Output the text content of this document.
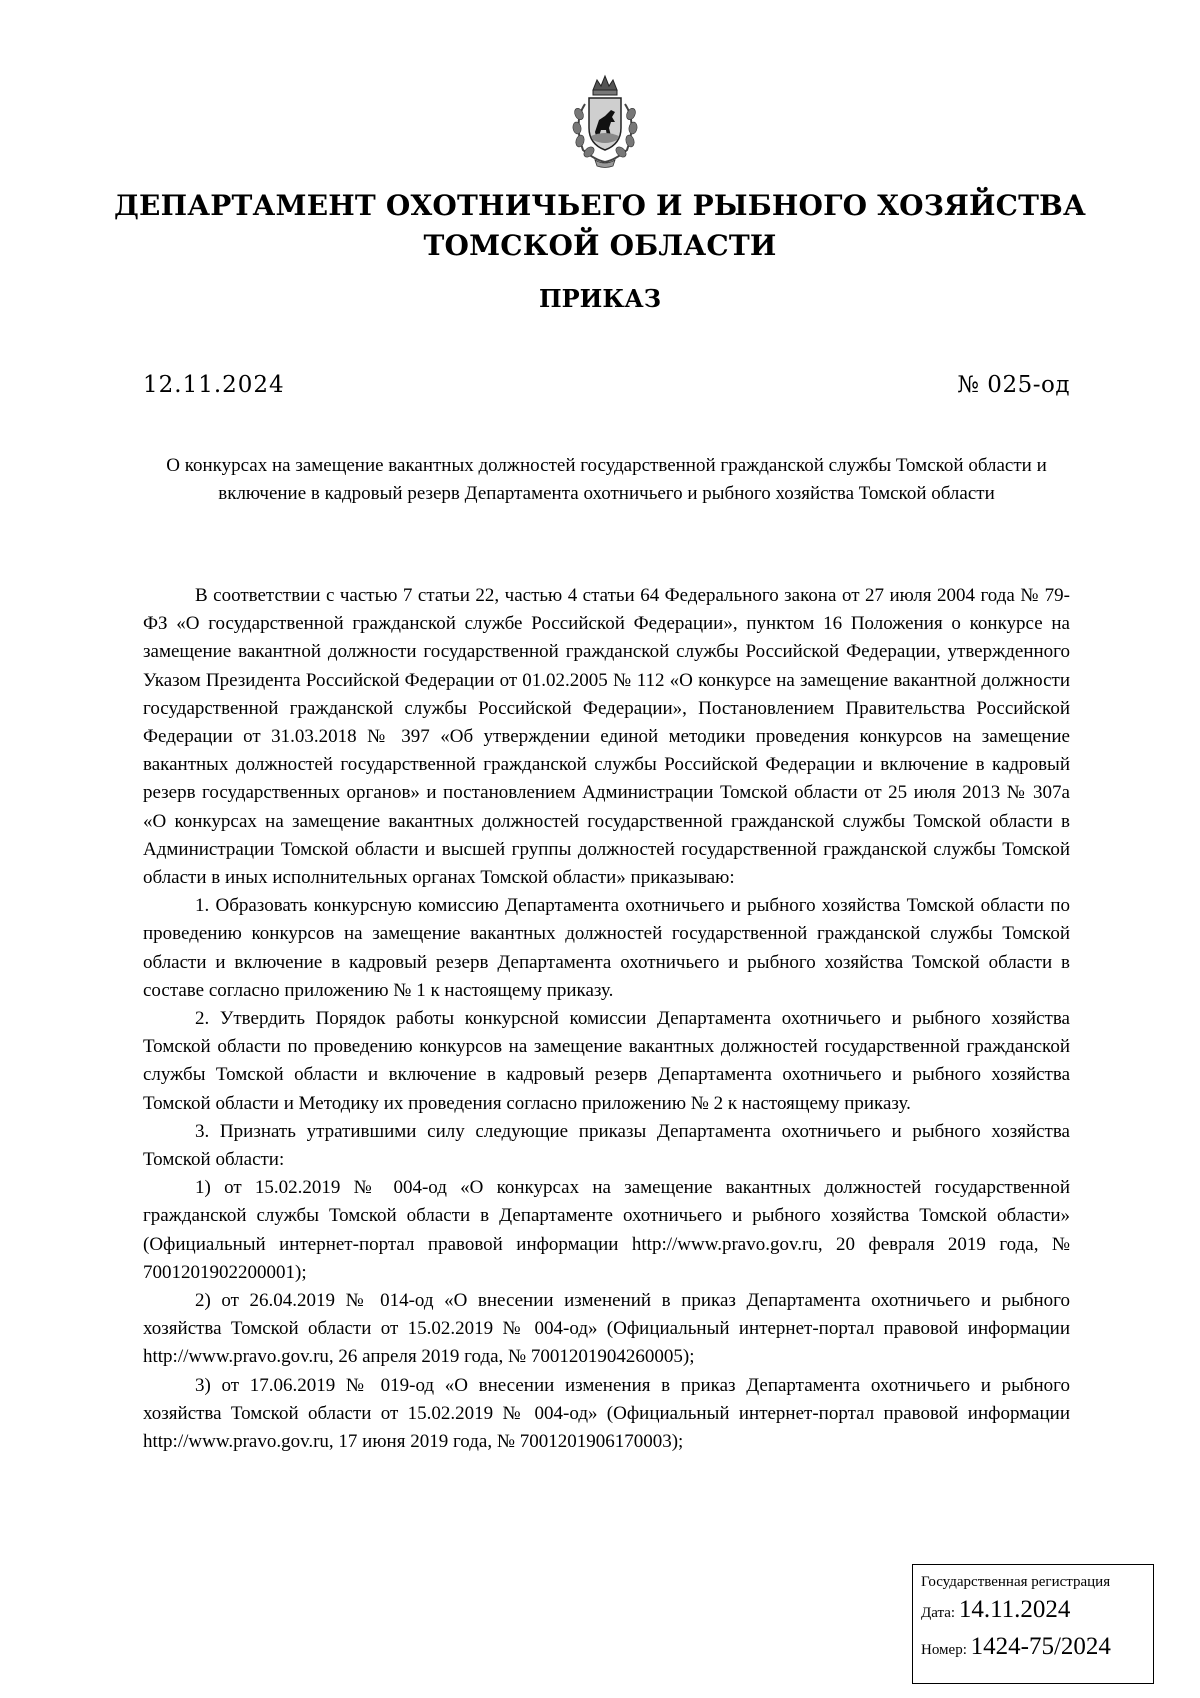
ДЕПАРТАМЕНТ ОХОТНИЧЬЕГО И РЫБНОГО ХОЗЯЙСТВА
ТОМСКОЙ ОБЛАСТИ
ПРИКАЗ
12.11.2024	№ 025-од
О конкурсах на замещение вакантных должностей государственной гражданской службы Томской области и включение в кадровый резерв Департамента охотничьего и рыбного хозяйства Томской области

В соответствии с частью 7 статьи 22, частью 4 статьи 64 Федерального закона от 27 июля 2004 года № 79-ФЗ «О государственной гражданской службе Российской Федерации», пунктом 16 Положения о конкурсе на замещение вакантной должности государственной гражданской службы Российской Федерации, утвержденного Указом Президента Российской Федерации от 01.02.2005 № 112 «О конкурсе на замещение вакантной должности государственной гражданской службы Российской Федерации», Постановлением Правительства Российской Федерации от 31.03.2018 № 397 «Об утверждении единой методики проведения конкурсов на замещение вакантных должностей государственной гражданской службы Российской Федерации и включение в кадровый резерв государственных органов» и постановлением Администрации Томской области от 25 июля 2013 № 307а «О конкурсах на замещение вакантных должностей государственной гражданской службы Томской области в Администрации Томской области и высшей группы должностей государственной гражданской службы Томской области в иных исполнительных органах Томской области» приказываю:

1. Образовать конкурсную комиссию Департамента охотничьего и рыбного хозяйства Томской области по проведению конкурсов на замещение вакантных должностей государственной гражданской службы Томской области и включение в кадровый резерв Департамента охотничьего и рыбного хозяйства Томской области в составе согласно приложению № 1 к настоящему приказу.

2. Утвердить Порядок работы конкурсной комиссии Департамента охотничьего и рыбного хозяйства Томской области по проведению конкурсов на замещение вакантных должностей государственной гражданской службы Томской области и включение в кадровый резерв Департамента охотничьего и рыбного хозяйства Томской области и Методику их проведения согласно приложению № 2 к настоящему приказу.

3. Признать утратившими силу следующие приказы Департамента охотничьего и рыбного хозяйства Томской области:

1) от 15.02.2019 № 004-од «О конкурсах на замещение вакантных должностей государственной гражданской службы Томской области в Департаменте охотничьего и рыбного хозяйства Томской области» (Официальный интернет-портал правовой информации http://www.pravo.gov.ru, 20 февраля 2019 года, № 7001201902200001);

2) от 26.04.2019 № 014-од «О внесении изменений в приказ Департамента охотничьего и рыбного хозяйства Томской области от 15.02.2019 № 004-од» (Официальный интернет-портал правовой информации http://www.pravo.gov.ru, 26 апреля 2019 года, № 7001201904260005);

3) от 17.06.2019 № 019-од «О внесении изменения в приказ Департамента охотничьего и рыбного хозяйства Томской области от 15.02.2019 № 004-од» (Официальный интернет-портал правовой информации http://www.pravo.gov.ru, 17 июня 2019 года, № 7001201906170003);

Государственная регистрация
Дата: 14.11.2024
Номер: 1424-75/2024
